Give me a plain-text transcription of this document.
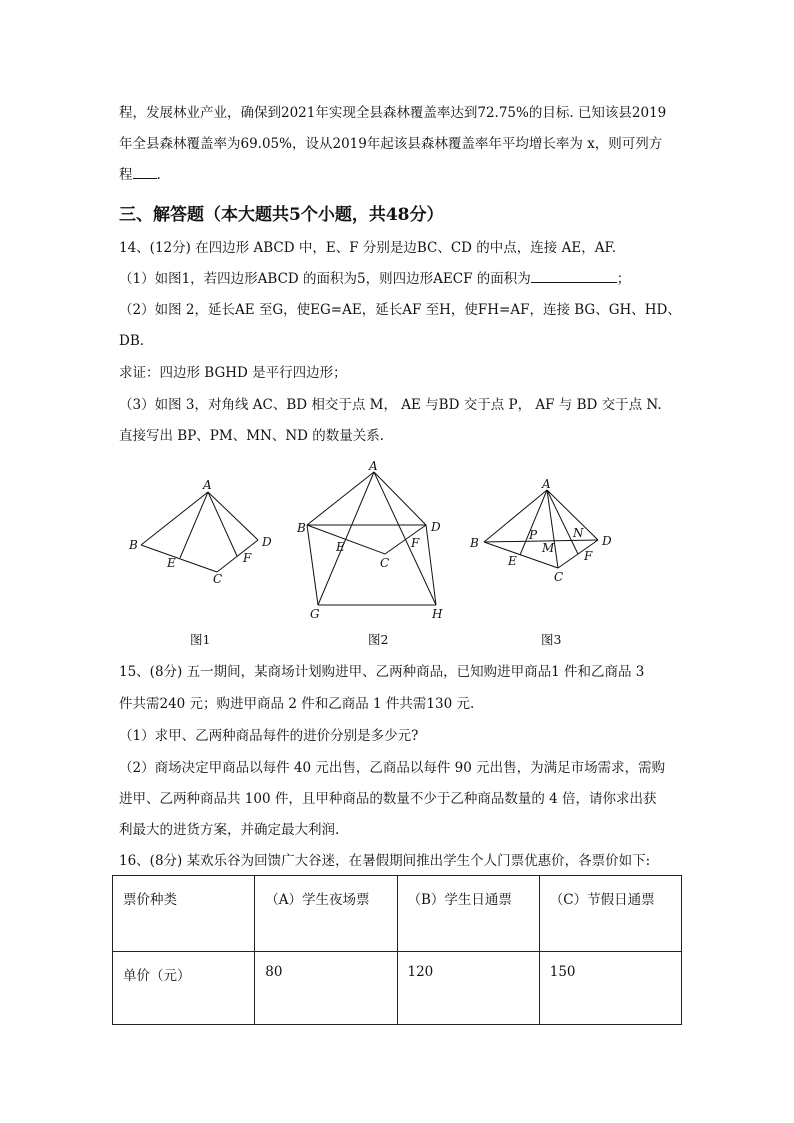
程，发展林业产业，确保到2021年实现全县森林覆盖率达到72.75%的目标. 已知该县2019
年全县森林覆盖率为69.05%，设从2019年起该县森林覆盖率年平均增长率为 x，则可列方
程 .
三、解答题（本大题共5个小题，共48分）
14、(12分) 在四边形 ABCD 中，E、F 分别是边BC、CD 的中点，连接 AE，AF.
（1）如图1，若四边形ABCD 的面积为5，则四边形AECF 的面积为	；
（2）如图 2，延长AE 至G，使EG=AE，延长AF 至H，使FH=AF，连接 BG、GH、HD、
DB.
求证：四边形 BGHD 是平行四边形；
（3）如图 3，对角线 AC、BD 相交于点 M， AE 与BD 交于点 P， AF 与 BD 交于点 N.
直接写出 BP、PM、MN、ND 的数量关系.
A
B
E
C
F
D
A
B	D
E
C
F
G	H
A
B
P
M
N
D
E
C
F
图1	图2	图3
15、(8分) 五一期间，某商场计划购进甲、乙两种商品，已知购进甲商品1 件和乙商品 3
件共需240 元；购进甲商品 2 件和乙商品 1 件共需130 元.
（1）求甲、乙两种商品每件的进价分别是多少元?
（2）商场决定甲商品以每件 40 元出售，乙商品以每件 90 元出售，为满足市场需求，需购
进甲、乙两种商品共 100 件，且甲种商品的数量不少于乙种商品数量的 4 倍，请你求出获
利最大的进货方案，并确定最大利润.
16、(8分) 某欢乐谷为回馈广大谷迷，在暑假期间推出学生个人门票优惠价，各票价如下:
票价种类	（A）学生夜场票	（B）学生日通票	（C）节假日通票
单价（元）	80	120	150
